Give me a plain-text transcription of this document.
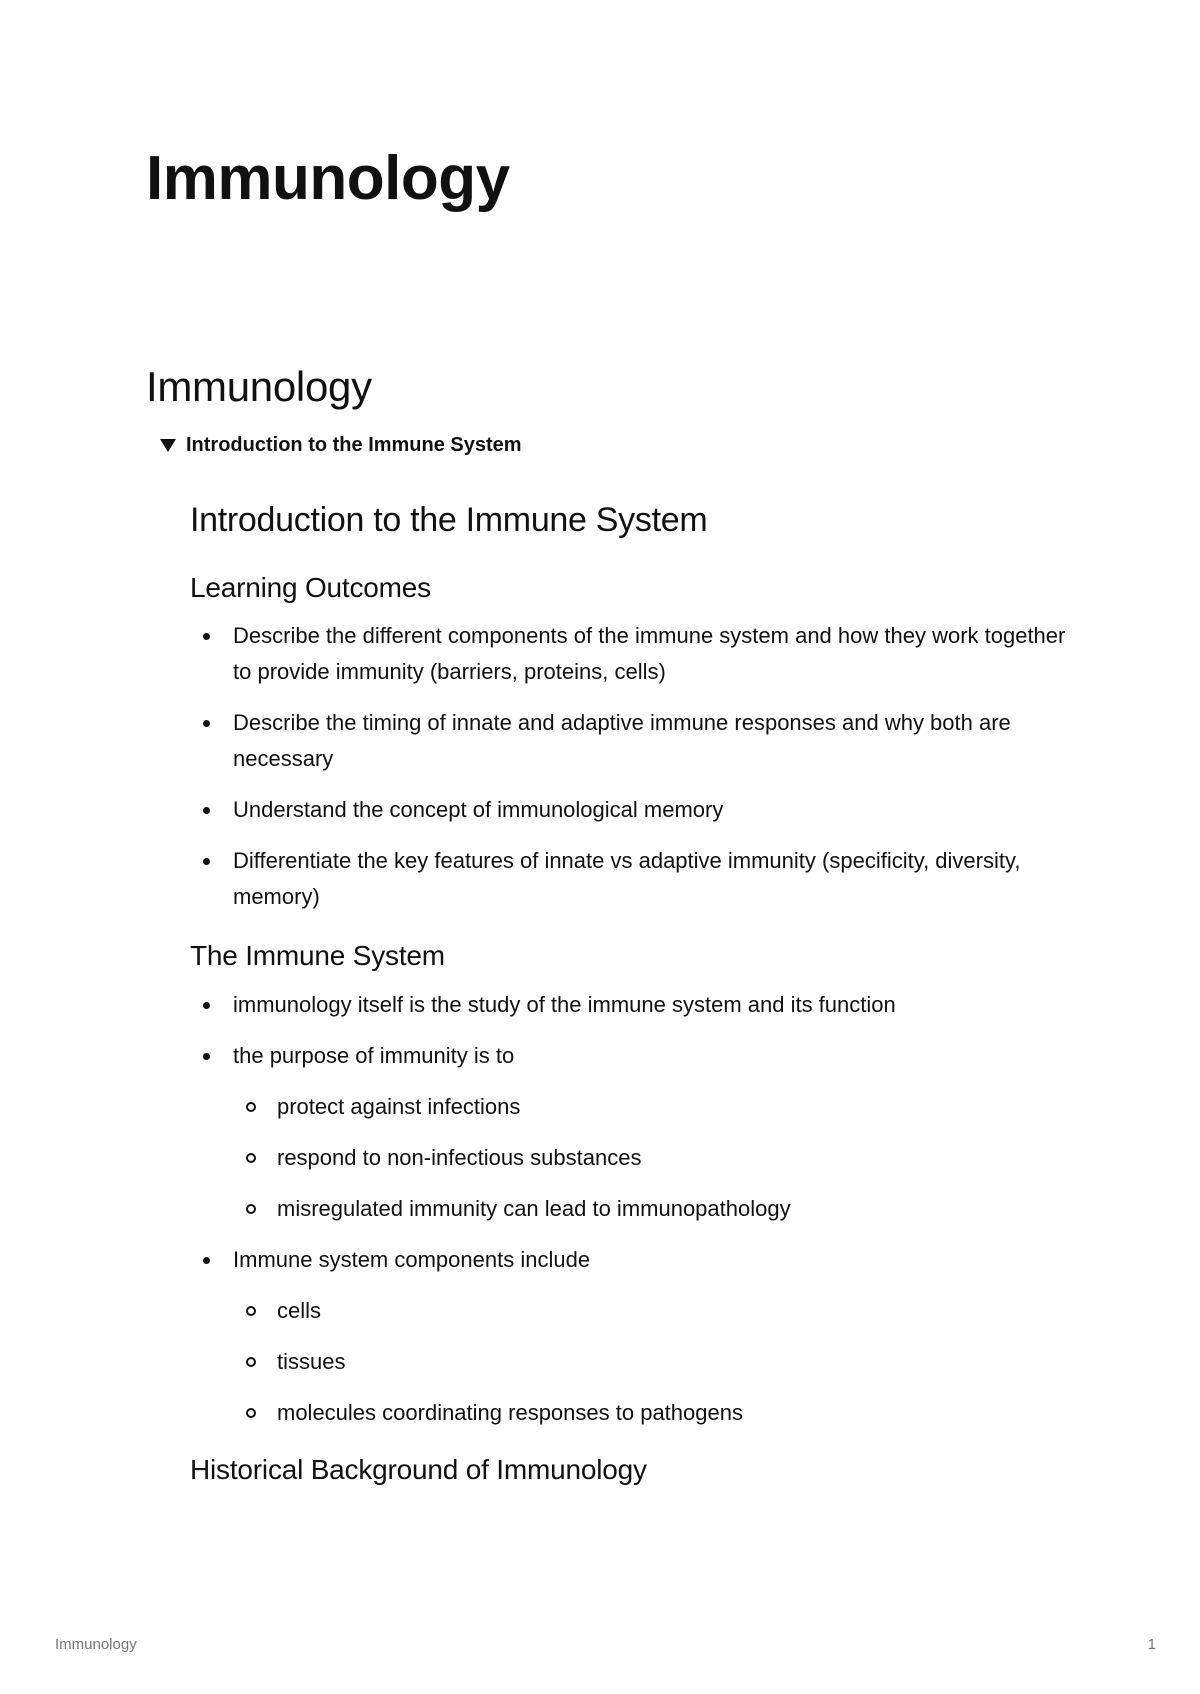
Immunology
Immunology
Introduction to the Immune System
Introduction to the Immune System
Learning Outcomes
Describe the different components of the immune system and how they work together to provide immunity (barriers, proteins, cells)
Describe the timing of innate and adaptive immune responses and why both are necessary
Understand the concept of immunological memory
Differentiate the key features of innate vs adaptive immunity (specificity, diversity, memory)
The Immune System
immunology itself is the study of the immune system and its function
the purpose of immunity is to
protect against infections
respond to non-infectious substances
misregulated immunity can lead to immunopathology
Immune system components include
cells
tissues
molecules coordinating responses to pathogens
Historical Background of Immunology
Immunology	1
